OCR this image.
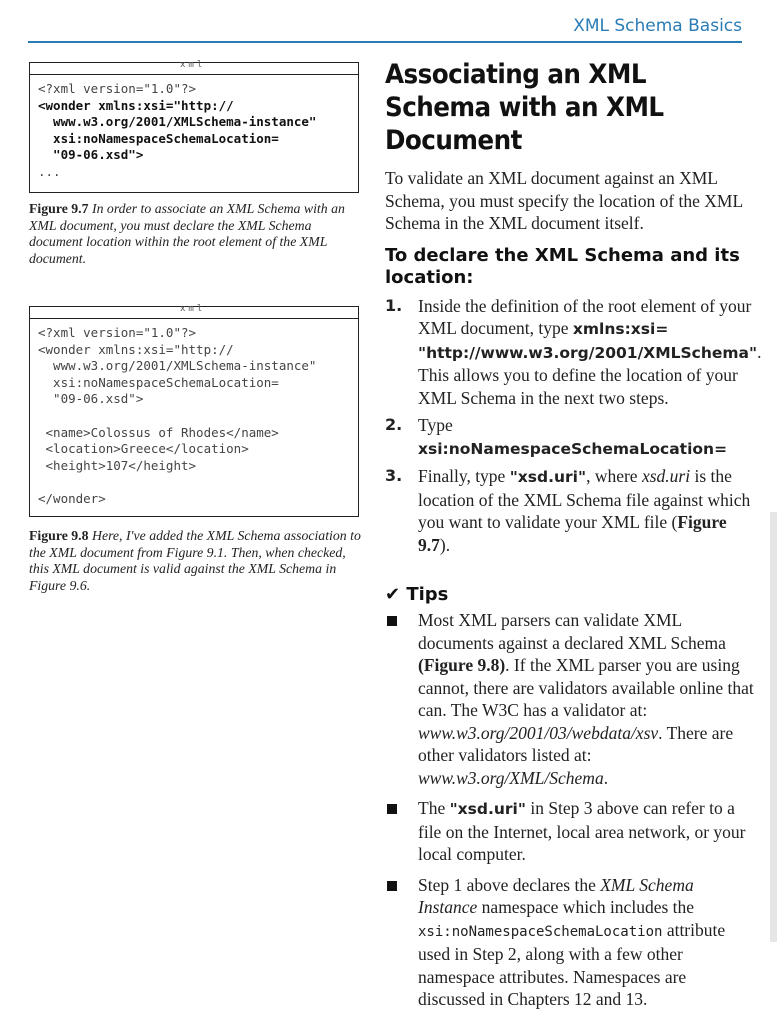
XML Schema Basics
xml
<?xml version="1.0"?>
<wonder xmlns:xsi="http://
www.w3.org/2001/XMLSchema-instance"
xsi:noNamespaceSchemaLocation=
"09-06.xsd">
...

Figure 9.7 In order to associate an XML Schema with an XML document, you must declare the XML Schema document location within the root element of the XML document.
xml
<?xml version="1.0"?>
<wonder xmlns:xsi="http://
www.w3.org/2001/XMLSchema-instance"
xsi:noNamespaceSchemaLocation=
"09-06.xsd">

<name>Colossus of Rhodes</name>
<location>Greece</location>
<height>107</height>

</wonder>

Figure 9.8 Here, I've added the XML Schema association to the XML document from Figure 9.1. Then, when checked, this XML document is valid against the XML Schema in Figure 9.6.
Associating an XML Schema with an XML Document

To validate an XML document against an XML Schema, you must specify the location of the XML Schema in the XML document itself.

To declare the XML Schema and its location:
1. Inside the definition of the root element of your XML document, type xmlns:xsi= "http://www.w3.org/2001/XMLSchema". This allows you to define the location of your XML Schema in the next two steps.
2. Type xsi:noNamespaceSchemaLocation=
3. Finally, type "xsd.uri", where xsd.uri is the location of the XML Schema file against which you want to validate your XML file (Figure 9.7).
✔ Tips
Most XML parsers can validate XML documents against a declared XML Schema (Figure 9.8). If the XML parser you are using cannot, there are validators available online that can. The W3C has a validator at: www.w3.org/2001/03/webdata/xsv. There are other validators listed at: www.w3.org/XML/Schema.
The "xsd.uri" in Step 3 above can refer to a file on the Internet, local area network, or your local computer.
Step 1 above declares the XML Schema Instance namespace which includes the xsi:noNamespaceSchemaLocation attribute used in Step 2, along with a few other namespace attributes. Namespaces are discussed in Chapters 12 and 13.
